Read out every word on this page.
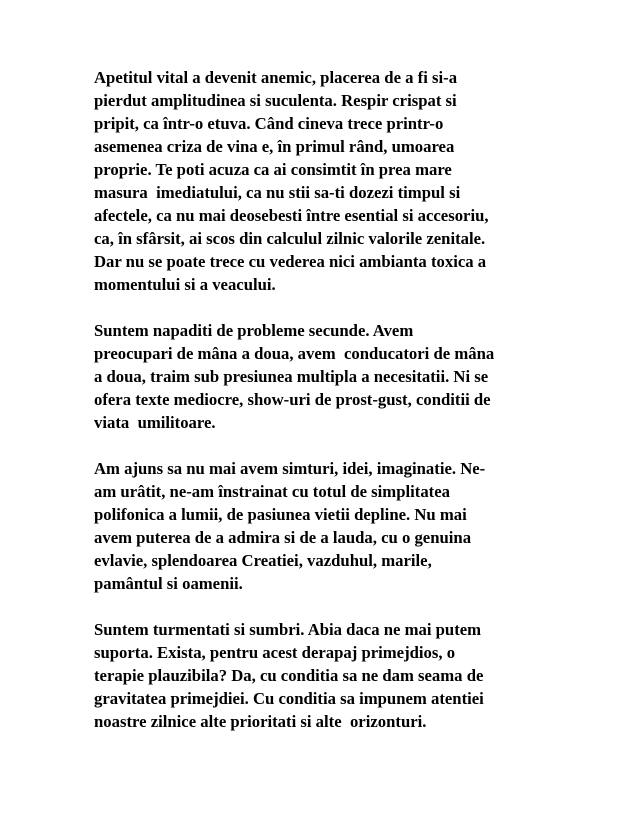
Apetitul vital a devenit anemic, placerea de a fi si-a
pierdut amplitudinea si suculenta. Respir crispat si
pripit, ca într-o etuva. Când cineva trece printr-o
asemenea criza de vina e, în primul rând, umoarea
proprie. Te poti acuza ca ai consimtit în prea mare
masura  imediatului, ca nu stii sa-ti dozezi timpul si
afectele, ca nu mai deosebesti între esential si accesoriu,
ca, în sfârsit, ai scos din calculul zilnic valorile zenitale.
Dar nu se poate trece cu vederea nici ambianta toxica a
momentului si a veacului.

Suntem napaditi de probleme secunde. Avem
preocupari de mâna a doua, avem  conducatori de mâna
a doua, traim sub presiunea multipla a necesitatii. Ni se
ofera texte mediocre, show-uri de prost-gust, conditii de
viata  umilitoare.

Am ajuns sa nu mai avem simturi, idei, imaginatie. Ne-
am urâtit, ne-am înstrainat cu totul de simplitatea
polifonica a lumii, de pasiunea vietii depline. Nu mai
avem puterea de a admira si de a lauda, cu o genuina
evlavie, splendoarea Creatiei, vazduhul, marile,
pamântul si oamenii.

Suntem turmentati si sumbri. Abia daca ne mai putem
suporta. Exista, pentru acest derapaj primejdios, o
terapie plauzibila? Da, cu conditia sa ne dam seama de
gravitatea primejdiei. Cu conditia sa impunem atentiei
noastre zilnice alte prioritati si alte  orizonturi.
